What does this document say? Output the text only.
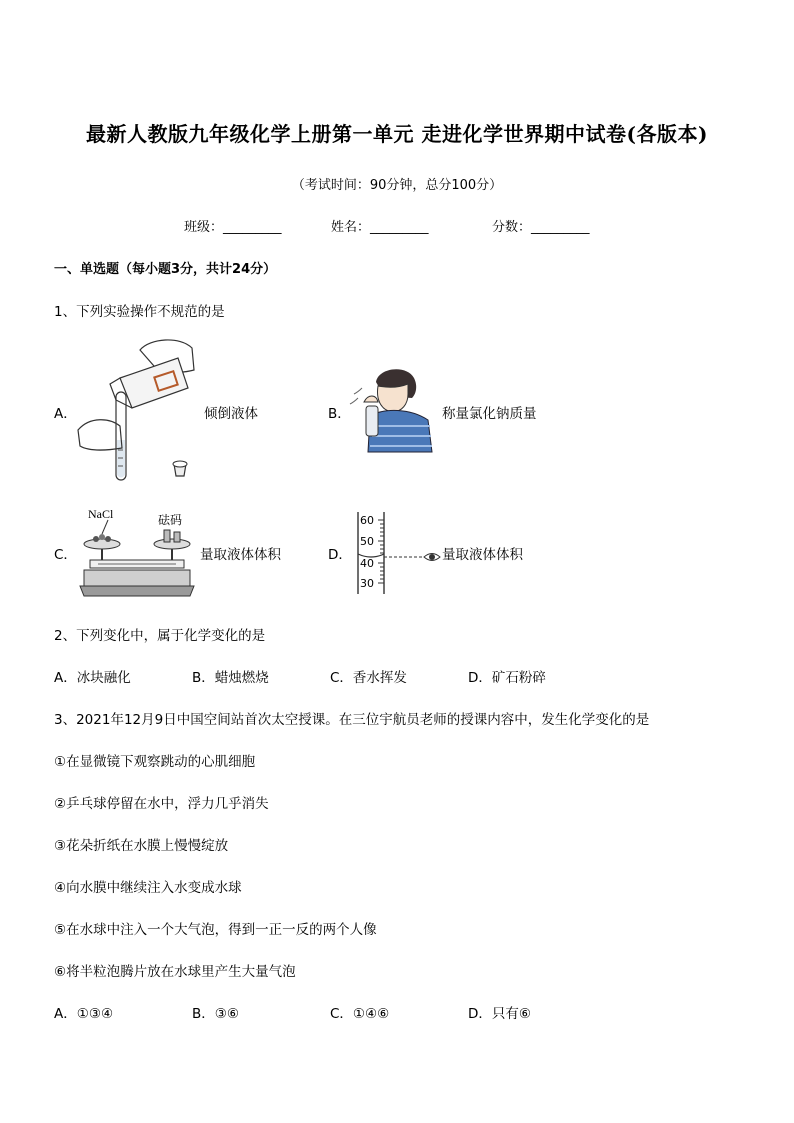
最新人教版九年级化学上册第一单元 走进化学世界期中试卷(各版本)
（考试时间：90分钟，总分100分）
班级：_________	姓名：_________	分数：_________
一、单选题（每小题3分，共计24分）
1、下列实验操作不规范的是
A．	倾倒液体	B．	称量氯化钠质量
C．
NaCl	砝码
量取液体体积	D．
60
50
40
30
量取液体体积
2、下列变化中，属于化学变化的是
A．冰块融化	B．蜡烛燃烧	C．香水挥发	D．矿石粉碎
3、2021年12月9日中国空间站首次太空授课。在三位宇航员老师的授课内容中，发生化学变化的是
①在显微镜下观察跳动的心肌细胞
②乒乓球停留在水中，浮力几乎消失
③花朵折纸在水膜上慢慢绽放
④向水膜中继续注入水变成水球
⑤在水球中注入一个大气泡，得到一正一反的两个人像
⑥将半粒泡腾片放在水球里产生大量气泡
A．①③④	B．③⑥	C．①④⑥	D．只有⑥
